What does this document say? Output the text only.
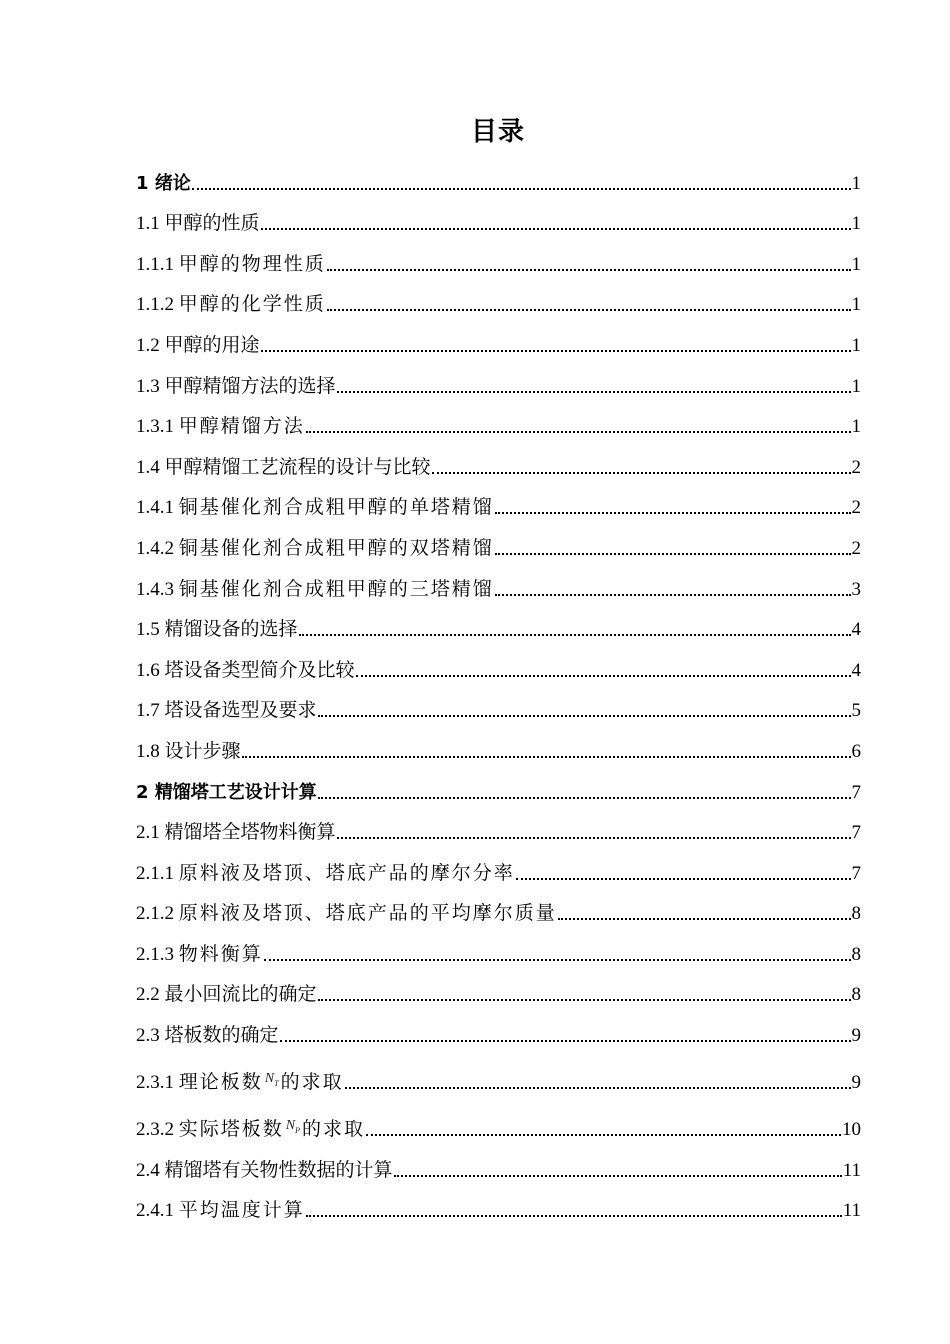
目录
1 绪论	1
1.1 甲醇的性质	1
1.1.1 甲醇的物理性质	1
1.1.2 甲醇的化学性质	1
1.2 甲醇的用途	1
1.3 甲醇精馏方法的选择	1
1.3.1 甲醇精馏方法	1
1.4 甲醇精馏工艺流程的设计与比较	2
1.4.1 铜基催化剂合成粗甲醇的单塔精馏	2
1.4.2 铜基催化剂合成粗甲醇的双塔精馏	2
1.4.3 铜基催化剂合成粗甲醇的三塔精馏	3
1.5 精馏设备的选择	4
1.6 塔设备类型简介及比较	4
1.7 塔设备选型及要求	5
1.8 设计步骤	6
2 精馏塔工艺设计计算	7
2.1 精馏塔全塔物料衡算	7
2.1.1 原料液及塔顶、塔底产品的摩尔分率	7
2.1.2 原料液及塔顶、塔底产品的平均摩尔质量	8
2.1.3 物料衡算	8
2.2 最小回流比的确定	8
2.3 塔板数的确定	9
2.3.1 理论板数 $^{N_T}$ 的求取	9
2.3.2 实际塔板数 $^{N_P}$ 的求取	10
2.4 精馏塔有关物性数据的计算	11
2.4.1 平均温度计算	11
